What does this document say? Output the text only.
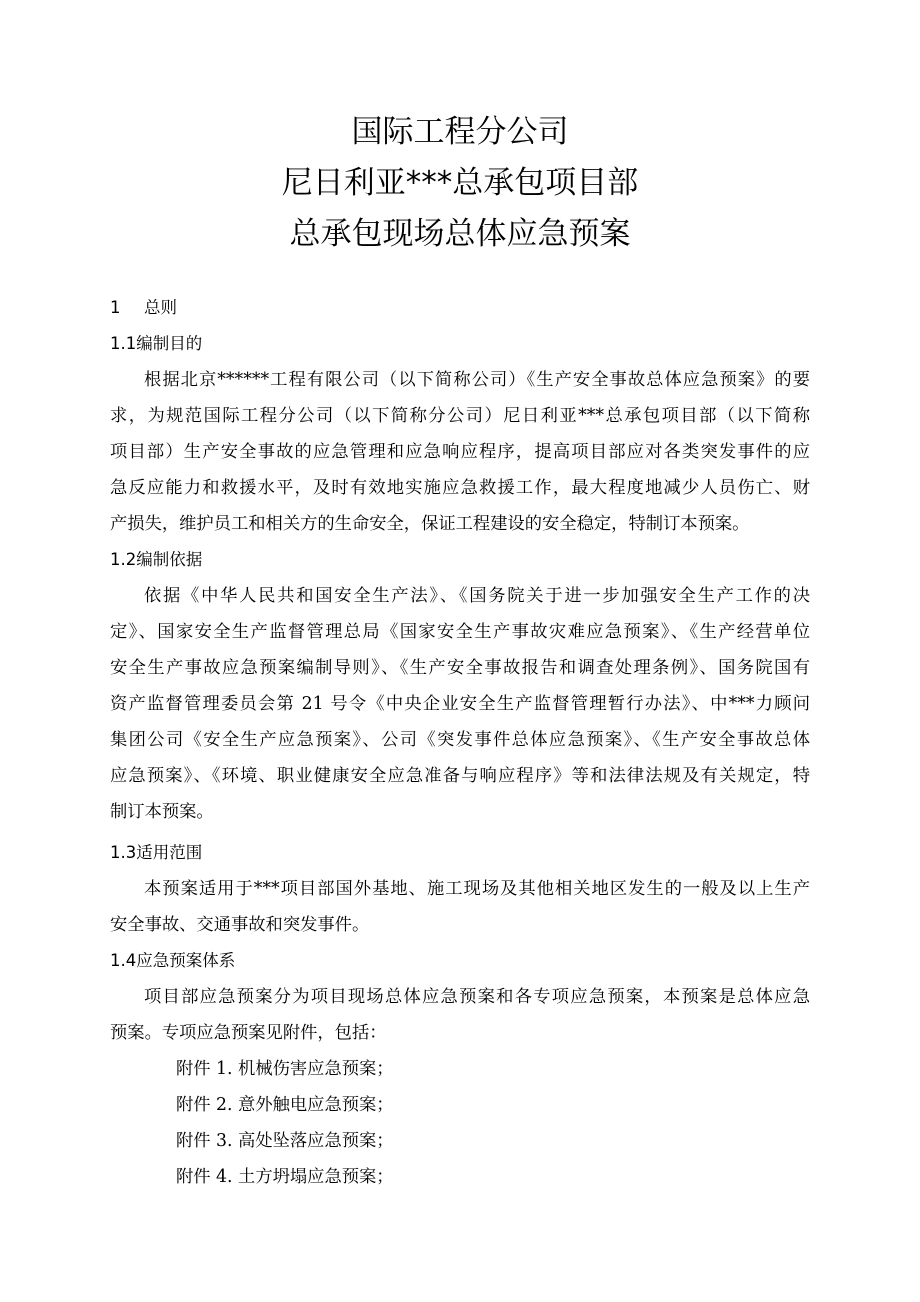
国际工程分公司
尼日利亚***总承包项目部
总承包现场总体应急预案
1 总则
1.1编制目的
根据北京******工程有限公司（以下简称公司）《生产安全事故总体应急预案》的要
求，为规范国际工程分公司（以下简称分公司）尼日利亚***总承包项目部（以下简称
项目部）生产安全事故的应急管理和应急响应程序，提高项目部应对各类突发事件的应
急反应能力和救援水平，及时有效地实施应急救援工作，最大程度地减少人员伤亡、财
产损失，维护员工和相关方的生命安全，保证工程建设的安全稳定，特制订本预案。
1.2编制依据
依据《中华人民共和国安全生产法》、《国务院关于进一步加强安全生产工作的决
定》、国家安全生产监督管理总局《国家安全生产事故灾难应急预案》、《生产经营单位
安全生产事故应急预案编制导则》、《生产安全事故报告和调查处理条例》、国务院国有
资产监督管理委员会第 21 号令《中央企业安全生产监督管理暂行办法》、中***力顾问
集团公司《安全生产应急预案》、公司《突发事件总体应急预案》、《生产安全事故总体
应急预案》、《环境、职业健康安全应急准备与响应程序》等和法律法规及有关规定，特
制订本预案。
1.3适用范围
本预案适用于***项目部国外基地、施工现场及其他相关地区发生的一般及以上生产
安全事故、交通事故和突发事件。
1.4应急预案体系
项目部应急预案分为项目现场总体应急预案和各专项应急预案，本预案是总体应急
预案。专项应急预案见附件，包括：
附件 1. 机械伤害应急预案；
附件 2. 意外触电应急预案；
附件 3. 高处坠落应急预案；
附件 4. 土方坍塌应急预案；
